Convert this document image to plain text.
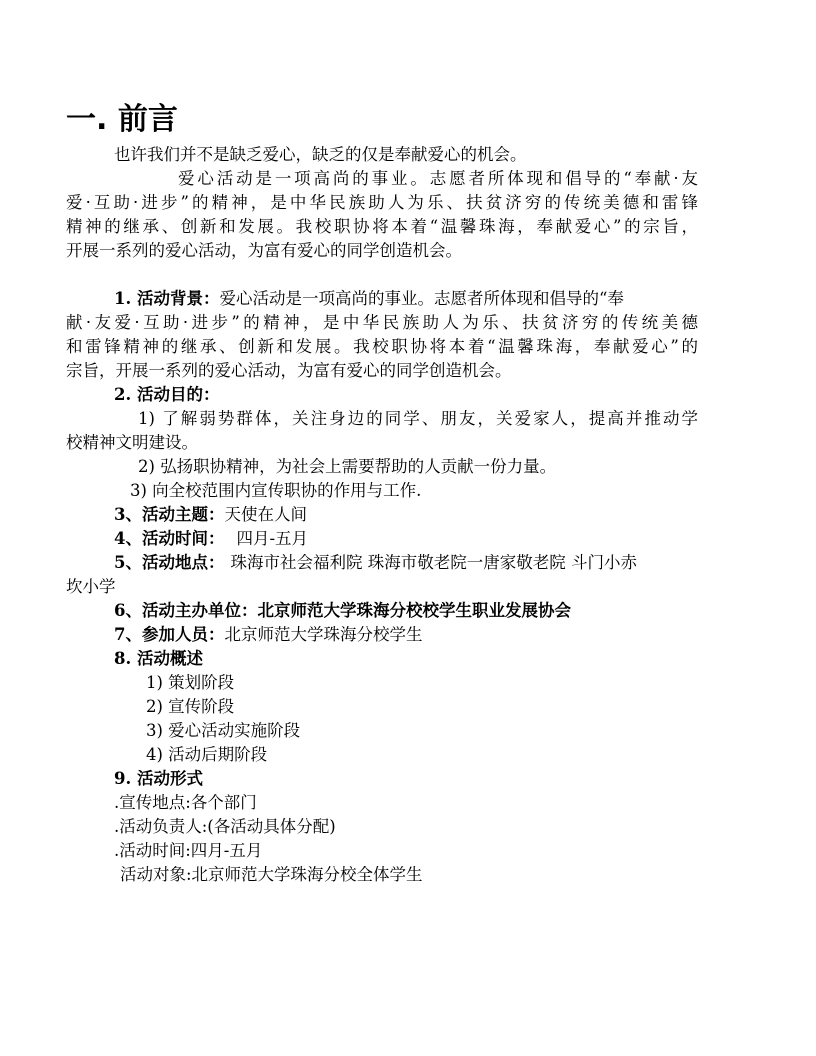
一. 前言
也许我们并不是缺乏爱心，缺乏的仅是奉献爱心的机会。
爱心活动是一项高尚的事业。志愿者所体现和倡导的“奉献·友
爱·互助·进步”的精神，是中华民族助人为乐、扶贫济穷的传统美德和雷锋
精神的继承、创新和发展。我校职协将本着“温馨珠海，奉献爱心”的宗旨，
开展一系列的爱心活动，为富有爱心的同学创造机会。
1. 活动背景：爱心活动是一项高尚的事业。志愿者所体现和倡导的“奉
献·友爱·互助·进步”的精神，是中华民族助人为乐、扶贫济穷的传统美德
和雷锋精神的继承、创新和发展。我校职协将本着“温馨珠海，奉献爱心”的
宗旨，开展一系列的爱心活动，为富有爱心的同学创造机会。
2. 活动目的：
1) 了解弱势群体，关注身边的同学、朋友，关爱家人，提高并推动学
校精神文明建设。
2) 弘扬职协精神，为社会上需要帮助的人贡献一份力量。
3) 向全校范围内宣传职协的作用与工作.
3、活动主题：天使在人间
4、活动时间： 四月-五月
5、活动地点： 珠海市社会福利院 珠海市敬老院一唐家敬老院 斗门小赤
坎小学
6、活动主办单位：北京师范大学珠海分校校学生职业发展协会
7、参加人员：北京师范大学珠海分校学生
8. 活动概述
1) 策划阶段
2) 宣传阶段
3) 爱心活动实施阶段
4) 活动后期阶段
9. 活动形式
.宣传地点:各个部门
.活动负责人:(各活动具体分配)
.活动时间:四月-五月
活动对象:北京师范大学珠海分校全体学生
